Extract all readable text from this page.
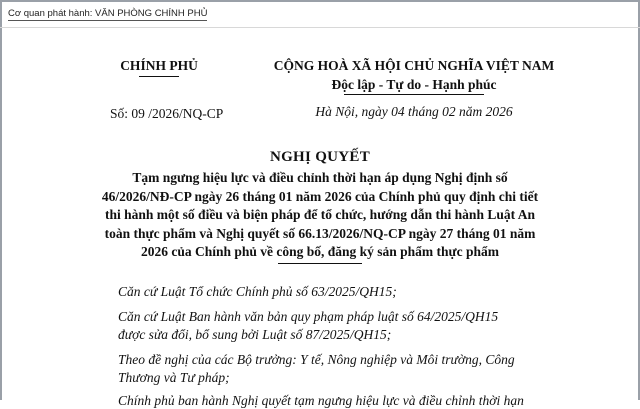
Cơ quan phát hành: VĂN PHÒNG CHÍNH PHỦ
CHÍNH PHỦ
Số: 09 /2026/NQ-CP
CỘNG HOÀ XÃ HỘI CHỦ NGHĨA VIỆT NAM
Độc lập - Tự do - Hạnh phúc
Hà Nội, ngày 04 tháng 02 năm 2026
NGHỊ QUYẾT
Tạm ngưng hiệu lực và điều chỉnh thời hạn áp dụng Nghị định số
46/2026/NĐ-CP ngày 26 tháng 01 năm 2026 của Chính phủ quy định chi tiết
thi hành một số điều và biện pháp để tổ chức, hướng dẫn thi hành Luật An
toàn thực phẩm và Nghị quyết số 66.13/2026/NQ-CP ngày 27 tháng 01 năm
2026 của Chính phủ về công bố, đăng ký sản phẩm thực phẩm
Căn cứ Luật Tổ chức Chính phủ số 63/2025/QH15;
Căn cứ Luật Ban hành văn bản quy phạm pháp luật số 64/2025/QH15
được sửa đổi, bổ sung bởi Luật số 87/2025/QH15;
Theo đề nghị của các Bộ trưởng: Y tế, Nông nghiệp và Môi trường, Công
Thương và Tư pháp;
Chính phủ ban hành Nghị quyết tạm ngưng hiệu lực và điều chỉnh thời hạn
